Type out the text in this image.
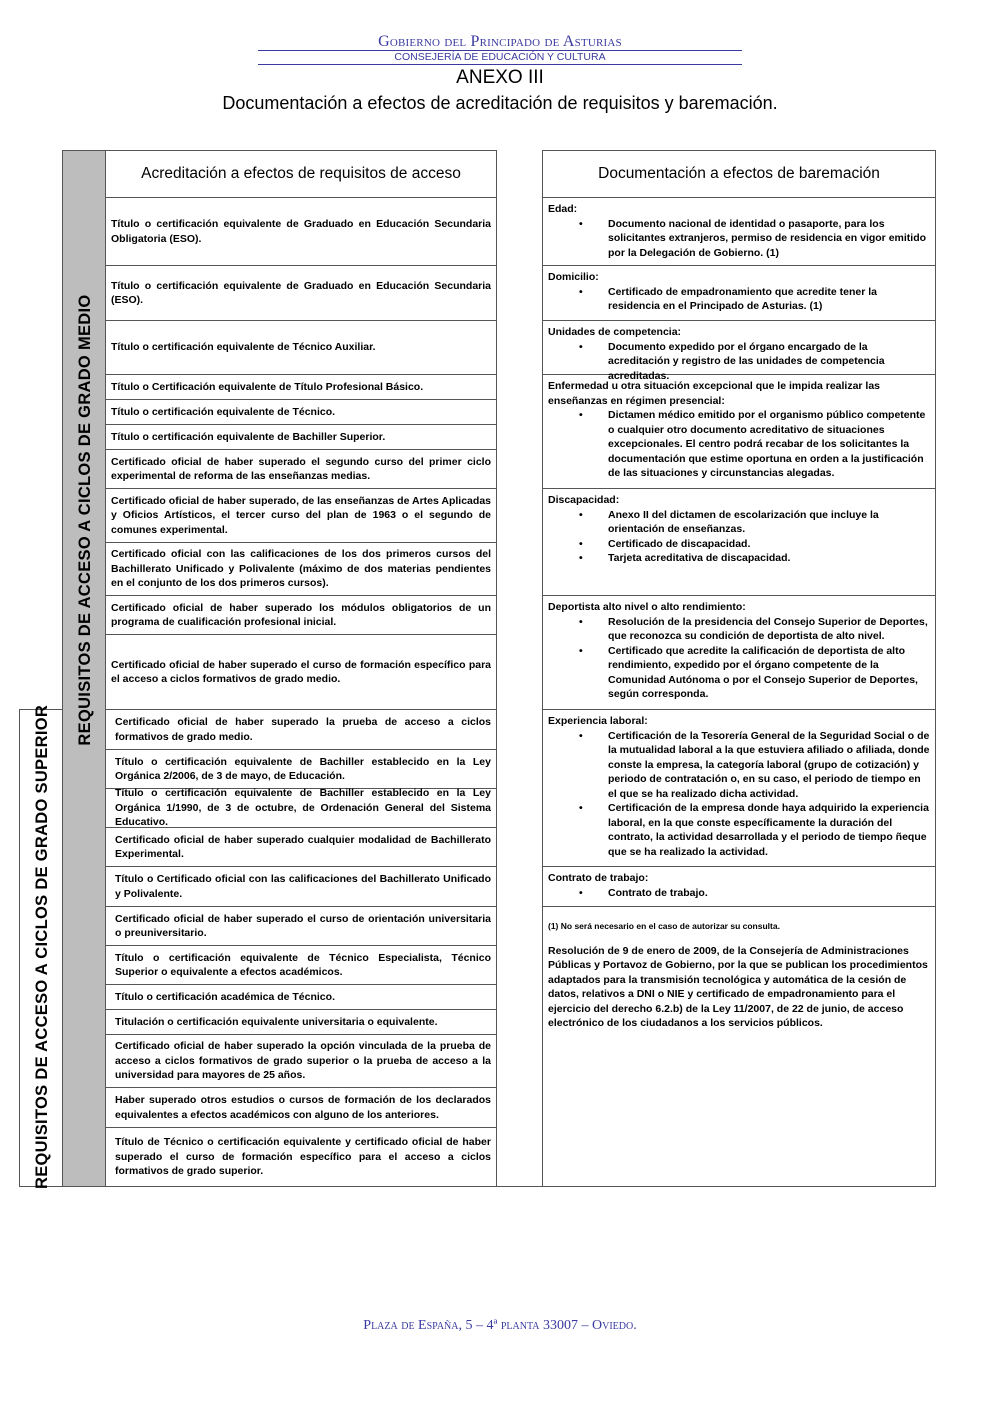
Gobierno del Principado de Asturias
CONSEJERÍA DE EDUCACIÓN Y CULTURA
ANEXO III
Documentación a efectos de acreditación de requisitos y baremación.
REQUISITOS DE ACCESO A CICLOS DE GRADO MEDIO
REQUISITOS DE ACCESO A CICLOS DE GRADO SUPERIOR
Acreditación a efectos de requisitos de acceso
Título o certificación equivalente de Graduado en Educación Secundaria Obligatoria (ESO).
Título o certificación equivalente de Graduado en Educación Secundaria (ESO).
Título o certificación equivalente de Técnico Auxiliar.
Título o Certificación equivalente de Título Profesional Básico.
Título o certificación equivalente de Técnico.
Título o certificación equivalente de Bachiller Superior.
Certificado oficial de haber superado el segundo curso del primer ciclo experimental de reforma de las enseñanzas medias.
Certificado oficial de haber superado, de las enseñanzas de Artes Aplicadas y Oficios Artísticos, el tercer curso del plan de 1963 o el segundo de comunes experimental.
Certificado oficial con las calificaciones de los dos primeros cursos del Bachillerato Unificado y Polivalente (máximo de dos materias pendientes en el conjunto de los dos primeros cursos).
Certificado oficial de haber superado los módulos obligatorios de un programa de cualificación profesional inicial.
Certificado oficial de haber superado el curso de formación específico para el acceso a ciclos formativos de grado medio.
Certificado oficial de haber superado la prueba de acceso a ciclos formativos de grado medio.
Título o certificación equivalente de Bachiller establecido en la Ley Orgánica 2/2006, de 3 de mayo, de Educación.
Título o certificación equivalente de Bachiller establecido en la Ley Orgánica 1/1990, de 3 de octubre, de Ordenación General del Sistema Educativo.
Certificado oficial de haber superado cualquier modalidad de Bachillerato Experimental.
Título o Certificado oficial con las calificaciones del Bachillerato Unificado y Polivalente.
Certificado oficial de haber superado el curso de orientación universitaria o preuniversitario.
Título o certificación equivalente de Técnico Especialista, Técnico Superior o equivalente a efectos académicos.
Título o certificación académica de Técnico.
Titulación o certificación equivalente universitaria o equivalente.
Certificado oficial de haber superado la opción vinculada de la prueba de acceso a ciclos formativos de grado superior o la prueba de acceso a la universidad para mayores de 25 años.
Haber superado otros estudios o cursos de formación de los declarados equivalentes a efectos académicos con alguno de los anteriores.
Título de Técnico o certificación equivalente y certificado oficial de haber superado el curso de formación específico para el acceso a ciclos formativos de grado superior.
Documentación a efectos de baremación
Edad:
• Documento nacional de identidad o pasaporte, para los solicitantes extranjeros, permiso de residencia en vigor emitido por la Delegación de Gobierno. (1)
Domicilio:
• Certificado de empadronamiento que acredite tener la residencia en el Principado de Asturias. (1)
Unidades de competencia:
• Documento expedido por el órgano encargado de la acreditación y registro de las unidades de competencia acreditadas.
Enfermedad u otra situación excepcional que le impida realizar las enseñanzas en régimen presencial:
• Dictamen médico emitido por el organismo público competente o cualquier otro documento acreditativo de situaciones excepcionales. El centro podrá recabar de los solicitantes la documentación que estime oportuna en orden a la justificación de las situaciones y circunstancias alegadas.
Discapacidad:
• Anexo II del dictamen de escolarización que incluye la orientación de enseñanzas.
• Certificado de discapacidad.
• Tarjeta acreditativa de discapacidad.
Deportista alto nivel o alto rendimiento:
• Resolución de la presidencia del Consejo Superior de Deportes, que reconozca su condición de deportista de alto nivel.
• Certificado que acredite la calificación de deportista de alto rendimiento, expedido por el órgano competente de la Comunidad Autónoma o por el Consejo Superior de Deportes, según corresponda.
Experiencia laboral:
• Certificación de la Tesorería General de la Seguridad Social o de la mutualidad laboral a la que estuviera afiliado o afiliada, donde conste la empresa, la categoría laboral (grupo de cotización) y periodo de contratación o, en su caso, el periodo de tiempo en el que se ha realizado dicha actividad.
• Certificación de la empresa donde haya adquirido la experiencia laboral, en la que conste específicamente la duración del contrato, la actividad desarrollada y el periodo de tiempo ñeque que se ha realizado la actividad.
Contrato de trabajo:
• Contrato de trabajo.
(1) No será necesario en el caso de autorizar su consulta.
Resolución de 9 de enero de 2009, de la Consejería de Administraciones Públicas y Portavoz de Gobierno, por la que se publican los procedimientos adaptados para la transmisión tecnológica y automática de la cesión de datos, relativos a DNI o NIE y certificado de empadronamiento para el ejercicio del derecho 6.2.b) de la Ley 11/2007, de 22 de junio, de acceso electrónico de los ciudadanos a los servicios públicos.
Plaza de España, 5 – 4ª planta 33007 – Oviedo.
